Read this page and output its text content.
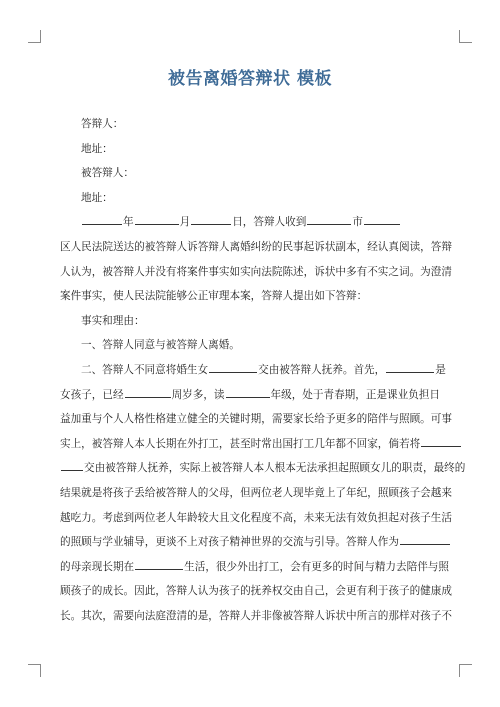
被告离婚答辩状 模板
答辩人：
地址：
被答辩人：
地址：
年	月	日，答辩人收到	市
区人民法院送达的被答辩人诉答辩人离婚纠纷的民事起诉状副本，经认真阅读，答辩
人认为，被答辩人并没有将案件事实如实向法院陈述，诉状中多有不实之词。为澄清
案件事实，使人民法院能够公正审理本案，答辩人提出如下答辩：
事实和理由：
一、答辩人同意与被答辩人离婚。
二、答辩人不同意将婚生女	交由被答辩人抚养。首先，	是
女孩子，已经	周岁多，读	年级，处于青春期，正是课业负担日
益加重与个人人格性格建立健全的关键时期，需要家长给予更多的陪伴与照顾。可事
实上，被答辩人本人长期在外打工，甚至时常出国打工几年都不回家，倘若将
交由被答辩人抚养，实际上被答辩人本人根本无法承担起照顾女儿的职责，最终的
结果就是将孩子丢给被答辩人的父母，但两位老人现毕竟上了年纪，照顾孩子会越来
越吃力。考虑到两位老人年龄较大且文化程度不高，未来无法有效负担起对孩子生活
的照顾与学业辅导，更谈不上对孩子精神世界的交流与引导。答辩人作为
的母亲现长期在	生活，很少外出打工，会有更多的时间与精力去陪伴与照
顾孩子的成长。因此，答辩人认为孩子的抚养权交由自己，会更有利于孩子的健康成
长。其次，需要向法庭澄清的是，答辩人并非像被答辩人诉状中所言的那样对孩子不
